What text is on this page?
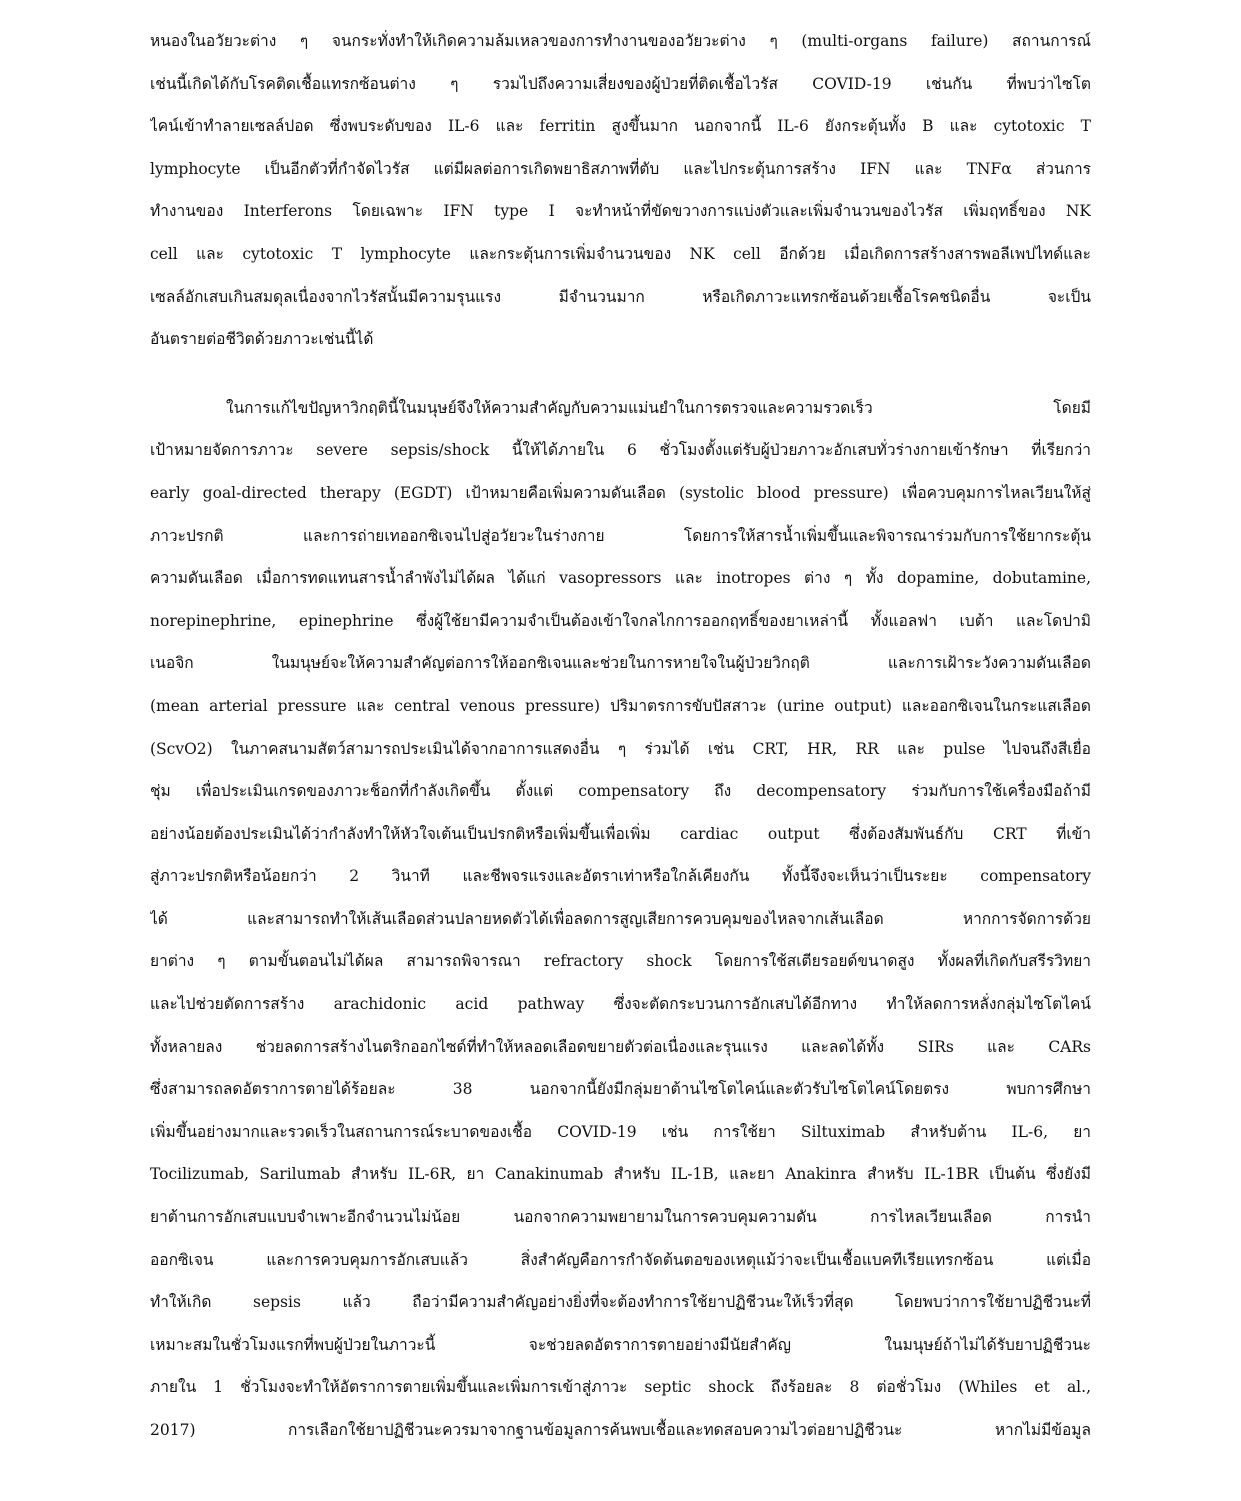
หนองในอวัยวะต่าง ๆ จนกระทั่งทำให้เกิดความล้มเหลวของการทำงานของอวัยวะต่าง ๆ (multi-organs failure) สถานการณ์
เช่นนี้เกิดได้กับโรคติดเชื้อแทรกซ้อนต่าง ๆ รวมไปถึงความเสี่ยงของผู้ป่วยที่ติดเชื้อไวรัส COVID-19 เช่นกัน ที่พบว่าไซโต
ไคน์เข้าทำลายเซลล์ปอด ซึ่งพบระดับของ IL-6 และ ferritin สูงขึ้นมาก นอกจากนี้ IL-6 ยังกระตุ้นทั้ง B และ cytotoxic T
lymphocyte เป็นอีกตัวที่กำจัดไวรัส แต่มีผลต่อการเกิดพยาธิสภาพที่ตับ และไปกระตุ้นการสร้าง IFN และ TNFα ส่วนการ
ทำงานของ Interferons โดยเฉพาะ IFN type I จะทำหน้าที่ขัดขวางการแบ่งตัวและเพิ่มจำนวนของไวรัส เพิ่มฤทธิ์ของ NK
cell และ cytotoxic T lymphocyte และกระตุ้นการเพิ่มจำนวนของ NK cell อีกด้วย เมื่อเกิดการสร้างสารพอลีเพปไทด์และ
เซลล์อักเสบเกินสมดุลเนื่องจากไวรัสนั้นมีความรุนแรง มีจำนวนมาก หรือเกิดภาวะแทรกซ้อนด้วยเชื้อโรคชนิดอื่น จะเป็น
อันตรายต่อชีวิตด้วยภาวะเช่นนี้ได้
ในการแก้ไขปัญหาวิกฤตินี้ในมนุษย์จึงให้ความสำคัญกับความแม่นยำในการตรวจและความรวดเร็ว โดยมี
เป้าหมายจัดการภาวะ severe sepsis/shock นี้ให้ได้ภายใน 6 ชั่วโมงตั้งแต่รับผู้ป่วยภาวะอักเสบทั่วร่างกายเข้ารักษา ที่เรียกว่า
early goal-directed therapy (EGDT) เป้าหมายคือเพิ่มความดันเลือด (systolic blood pressure) เพื่อควบคุมการไหลเวียนให้สู่
ภาวะปรกติ และการถ่ายเทออกซิเจนไปสู่อวัยวะในร่างกาย โดยการให้สารน้ำเพิ่มขึ้นและพิจารณาร่วมกับการใช้ยากระตุ้น
ความดันเลือด เมื่อการทดแทนสารน้ำลำพังไม่ได้ผล ได้แก่ vasopressors และ inotropes ต่าง ๆ ทั้ง dopamine, dobutamine,
norepinephrine, epinephrine ซึ่งผู้ใช้ยามีความจำเป็นต้องเข้าใจกลไกการออกฤทธิ์ของยาเหล่านี้ ทั้งแอลฟา เบต้า และโดปามิ
เนอจิก ในมนุษย์จะให้ความสำคัญต่อการให้ออกซิเจนและช่วยในการหายใจในผู้ป่วยวิกฤติ และการเฝ้าระวังความดันเลือด
(mean arterial pressure และ central venous pressure) ปริมาตรการขับปัสสาวะ (urine output) และออกซิเจนในกระแสเลือด
(ScvO2) ในภาคสนามสัตว์สามารถประเมินได้จากอาการแสดงอื่น ๆ ร่วมได้ เช่น CRT, HR, RR และ pulse ไปจนถึงสีเยื่อ
ชุ่ม เพื่อประเมินเกรดของภาวะช็อกที่กำลังเกิดขึ้น ตั้งแต่ compensatory ถึง decompensatory ร่วมกับการใช้เครื่องมือถ้ามี
อย่างน้อยต้องประเมินได้ว่ากำลังทำให้หัวใจเต้นเป็นปรกติหรือเพิ่มขึ้นเพื่อเพิ่ม cardiac output ซึ่งต้องสัมพันธ์กับ CRT ที่เข้า
สู่ภาวะปรกติหรือน้อยกว่า 2 วินาที และชีพจรแรงและอัตราเท่าหรือใกล้เคียงกัน ทั้งนี้จึงจะเห็นว่าเป็นระยะ compensatory
ได้ และสามารถทำให้เส้นเลือดส่วนปลายหดตัวได้เพื่อลดการสูญเสียการควบคุมของไหลจากเส้นเลือด หากการจัดการด้วย
ยาต่าง ๆ ตามขั้นตอนไม่ได้ผล สามารถพิจารณา refractory shock โดยการใช้สเตียรอยด์ขนาดสูง ทั้งผลที่เกิดกับสรีรวิทยา
และไปช่วยตัดการสร้าง arachidonic acid pathway ซึ่งจะตัดกระบวนการอักเสบได้อีกทาง ทำให้ลดการหลั่งกลุ่มไซโตไคน์
ทั้งหลายลง ช่วยลดการสร้างไนตริกออกไซด์ที่ทำให้หลอดเลือดขยายตัวต่อเนื่องและรุนแรง และลดได้ทั้ง SIRs และ CARs
ซึ่งสามารถลดอัตราการตายได้ร้อยละ 38 นอกจากนี้ยังมีกลุ่มยาต้านไซโตไคน์และตัวรับไซโตไคน์โดยตรง พบการศึกษา
เพิ่มขึ้นอย่างมากและรวดเร็วในสถานการณ์ระบาดของเชื้อ COVID-19 เช่น การใช้ยา Siltuximab สำหรับต้าน IL-6, ยา
Tocilizumab, Sarilumab สำหรับ IL-6R, ยา Canakinumab สำหรับ IL-1B, และยา Anakinra สำหรับ IL-1BR เป็นต้น ซึ่งยังมี
ยาต้านการอักเสบแบบจำเพาะอีกจำนวนไม่น้อย นอกจากความพยายามในการควบคุมความดัน การไหลเวียนเลือด การนำ
ออกซิเจน และการควบคุมการอักเสบแล้ว สิ่งสำคัญคือการกำจัดต้นตอของเหตุแม้ว่าจะเป็นเชื้อแบคทีเรียแทรกซ้อน แต่เมื่อ
ทำให้เกิด sepsis แล้ว ถือว่ามีความสำคัญอย่างยิ่งที่จะต้องทำการใช้ยาปฏิชีวนะให้เร็วที่สุด โดยพบว่าการใช้ยาปฏิชีวนะที่
เหมาะสมในชั่วโมงแรกที่พบผู้ป่วยในภาวะนี้ จะช่วยลดอัตราการตายอย่างมีนัยสำคัญ ในมนุษย์ถ้าไม่ได้รับยาปฏิชีวนะ
ภายใน 1 ชั่วโมงจะทำให้อัตราการตายเพิ่มขึ้นและเพิ่มการเข้าสู่ภาวะ septic shock ถึงร้อยละ 8 ต่อชั่วโมง (Whiles et al.,
2017) การเลือกใช้ยาปฏิชีวนะควรมาจากฐานข้อมูลการค้นพบเชื้อและทดสอบความไวต่อยาปฏิชีวนะ หากไม่มีข้อมูล
